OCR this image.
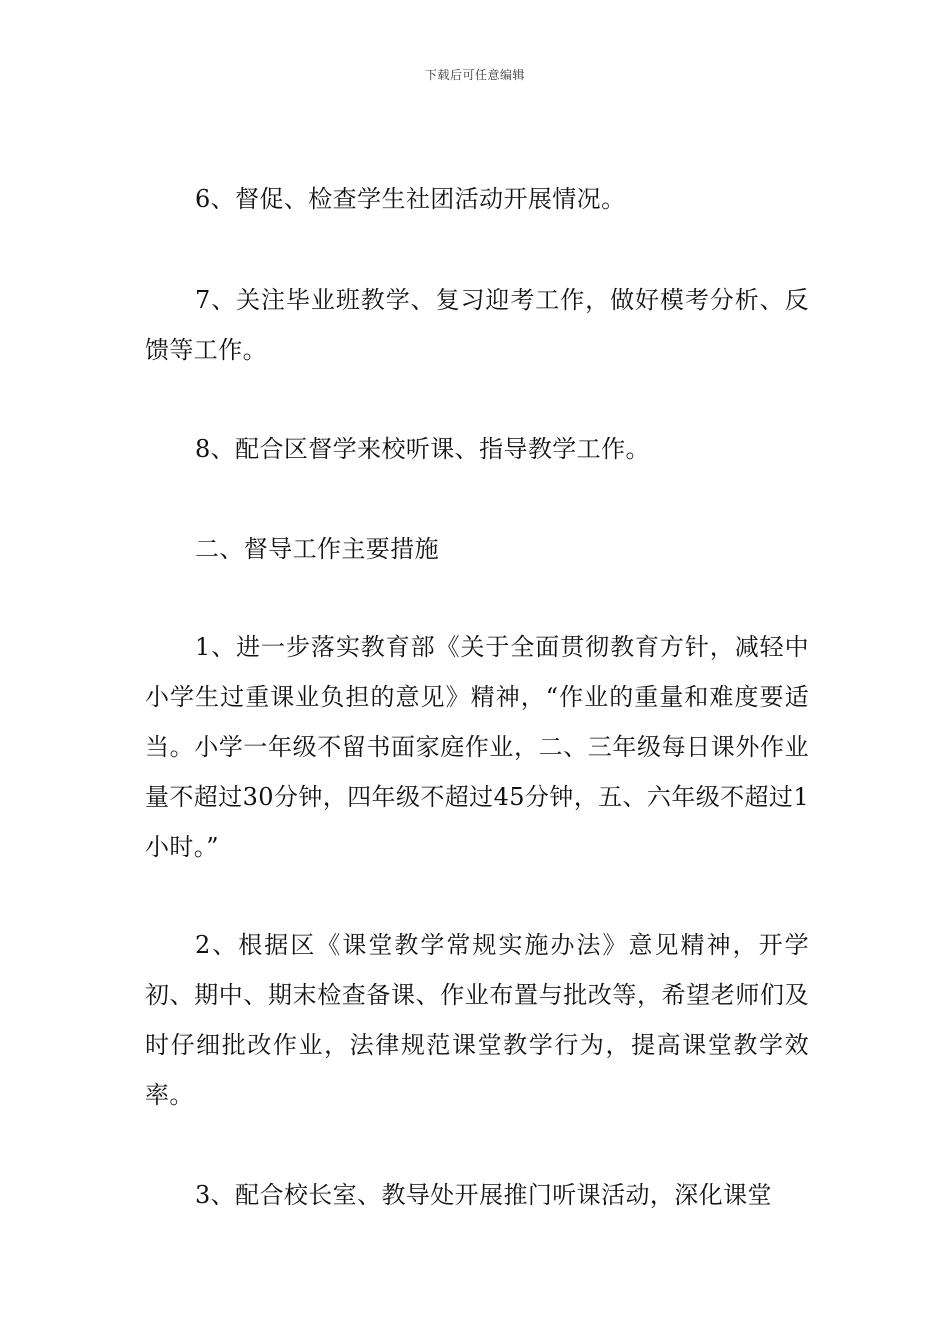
下载后可任意编辑

6、督促、检查学生社团活动开展情况。

7、关注毕业班教学、复习迎考工作，做好模考分析、反馈等工作。

8、配合区督学来校听课、指导教学工作。

二、督导工作主要措施

1、进一步落实教育部《关于全面贯彻教育方针，减轻中小学生过重课业负担的意见》精神，“作业的重量和难度要适当。小学一年级不留书面家庭作业，二、三年级每日课外作业量不超过30分钟，四年级不超过45分钟，五、六年级不超过1小时。”

2、根据区《课堂教学常规实施办法》意见精神，开学初、期中、期末检查备课、作业布置与批改等，希望老师们及时仔细批改作业，法律规范课堂教学行为，提高课堂教学效率。

3、配合校长室、教导处开展推门听课活动，深化课堂
